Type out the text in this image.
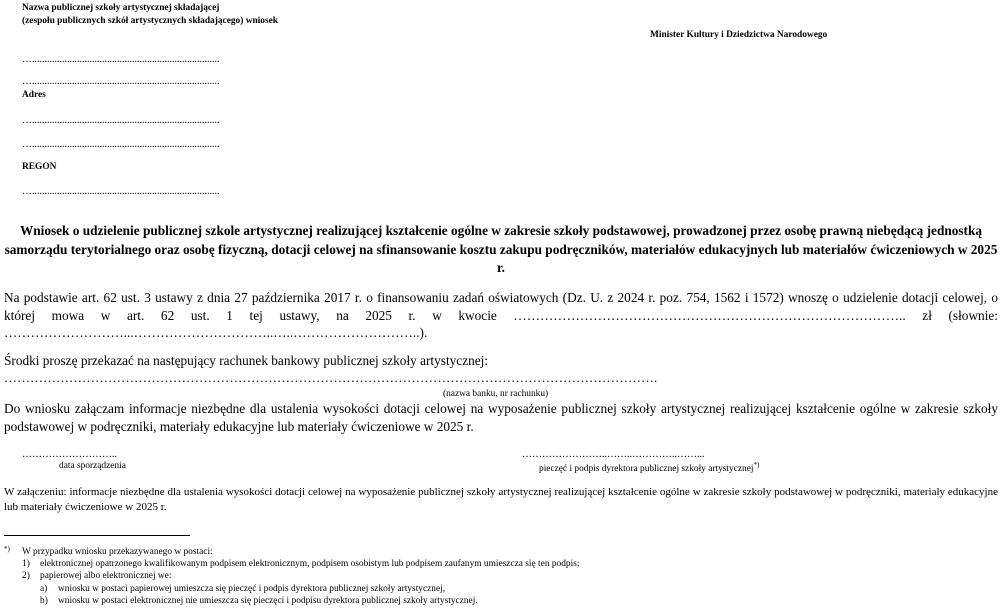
Nazwa publicznej szkoły artystycznej składającej
(zespołu publicznych szkół artystycznych składającego) wniosek
Minister Kultury i Dziedzictwa Narodowego
…...........................................................................
…...........................................................................
Adres
…...........................................................................
…...........................................................................
REGON
…...........................................................................
Wniosek o udzielenie publicznej szkole artystycznej realizującej kształcenie ogólne w zakresie szkoły podstawowej, prowadzonej przez osobę prawną niebędącą jednostką samorządu terytorialnego oraz osobę fizyczną, dotacji celowej na sfinansowanie kosztu zakupu podręczników, materiałów edukacyjnych lub materiałów ćwiczeniowych w 2025 r.
Na podstawie art. 62 ust. 3 ustawy z dnia 27 października 2017 r. o finansowaniu zadań oświatowych (Dz. U. z 2024 r. poz. 754, 1562 i 1572) wnoszę o udzielenie dotacji celowej, o której mowa w art. 62 ust. 1 tej ustawy, na 2025 r. w kwocie …………………………………………………………………………….. zł (słownie: ………………………...…………………………..…..………………………..).
Środki proszę przekazać na następujący rachunek bankowy publicznej szkoły artystycznej:
…………………………………………………………………………………………………………………………………….
(nazwa banku, nr rachunku)
Do wniosku załączam informacje niezbędne dla ustalenia wysokości dotacji celowej na wyposażenie publicznej szkoły artystycznej realizującej kształcenie ogólne w zakresie szkoły podstawowej w podręczniki, materiały edukacyjne lub materiały ćwiczeniowe w 2025 r.
………………………..
data sporządzenia
……………………..……..…………..……...
pieczęć i podpis dyrektora publicznej szkoły artystycznej*)
W załączeniu: informacje niezbędne dla ustalenia wysokości dotacji celowej na wyposażenie publicznej szkoły artystycznej realizującej kształcenie ogólne w zakresie szkoły podstawowej w podręczniki, materiały edukacyjne lub materiały ćwiczeniowe w 2025 r.
*) W przypadku wniosku przekazywanego w postaci:
1) elektronicznej opatrzonego kwalifikowanym podpisem elektronicznym, podpisem osobistym lub podpisem zaufanym umieszcza się ten podpis;
2) papierowej albo elektronicznej we:
a) wniosku w postaci papierowej umieszcza się pieczęć i podpis dyrektora publicznej szkoły artystycznej,
b) wniosku w postaci elektronicznej nie umieszcza się pieczęci i podpisu dyrektora publicznej szkoły artystycznej.
